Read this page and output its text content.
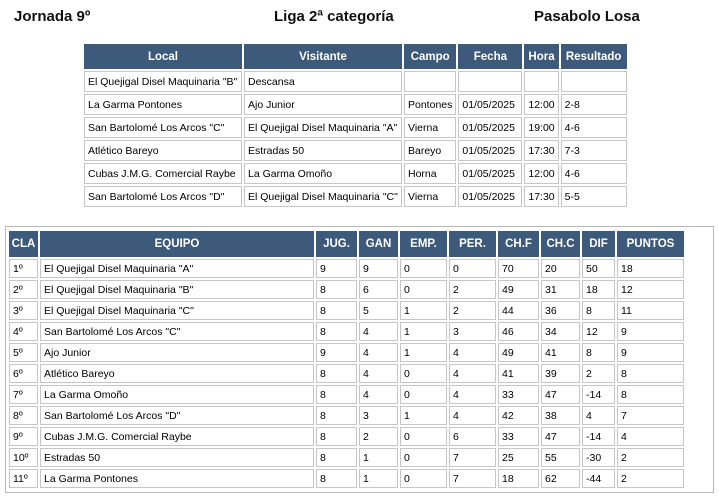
Jornada 9º	Liga 2ª categoría	Pasabolo Losa
Local	Visitante	Campo	Fecha	Hora	Resultado
El Quejigal Disel Maquinaria "B"	Descansa				
La Garma Pontones	Ajo Junior	Pontones	01/05/2025	12:00	2-8
San Bartolomé Los Arcos "C"	El Quejigal Disel Maquinaria "A"	Vierna	01/05/2025	19:00	4-6
Atlético Bareyo	Estradas 50	Bareyo	01/05/2025	17:30	7-3
Cubas J.M.G. Comercial Raybe	La Garma Omoño	Horna	01/05/2025	12:00	4-6
San Bartolomé Los Arcos "D"	El Quejigal Disel Maquinaria "C"	Vierna	01/05/2025	17:30	5-5
CLA	EQUIPO	JUG.	GAN	EMP.	PER.	CH.F	CH.C	DIF	PUNTOS
1º	El Quejigal Disel Maquinaria "A"	9	9	0	0	70	20	50	18
2º	El Quejigal Disel Maquinaria "B"	8	6	0	2	49	31	18	12
3º	El Quejigal Disel Maquinaria "C"	8	5	1	2	44	36	8	11
4º	San Bartolomé Los Arcos "C"	8	4	1	3	46	34	12	9
5º	Ajo Junior	9	4	1	4	49	41	8	9
6º	Atlético Bareyo	8	4	0	4	41	39	2	8
7º	La Garma Omoño	8	4	0	4	33	47	-14	8
8º	San Bartolomé Los Arcos "D"	8	3	1	4	42	38	4	7
9º	Cubas J.M.G. Comercial Raybe	8	2	0	6	33	47	-14	4
10º	Estradas 50	8	1	0	7	25	55	-30	2
11º	La Garma Pontones	8	1	0	7	18	62	-44	2
